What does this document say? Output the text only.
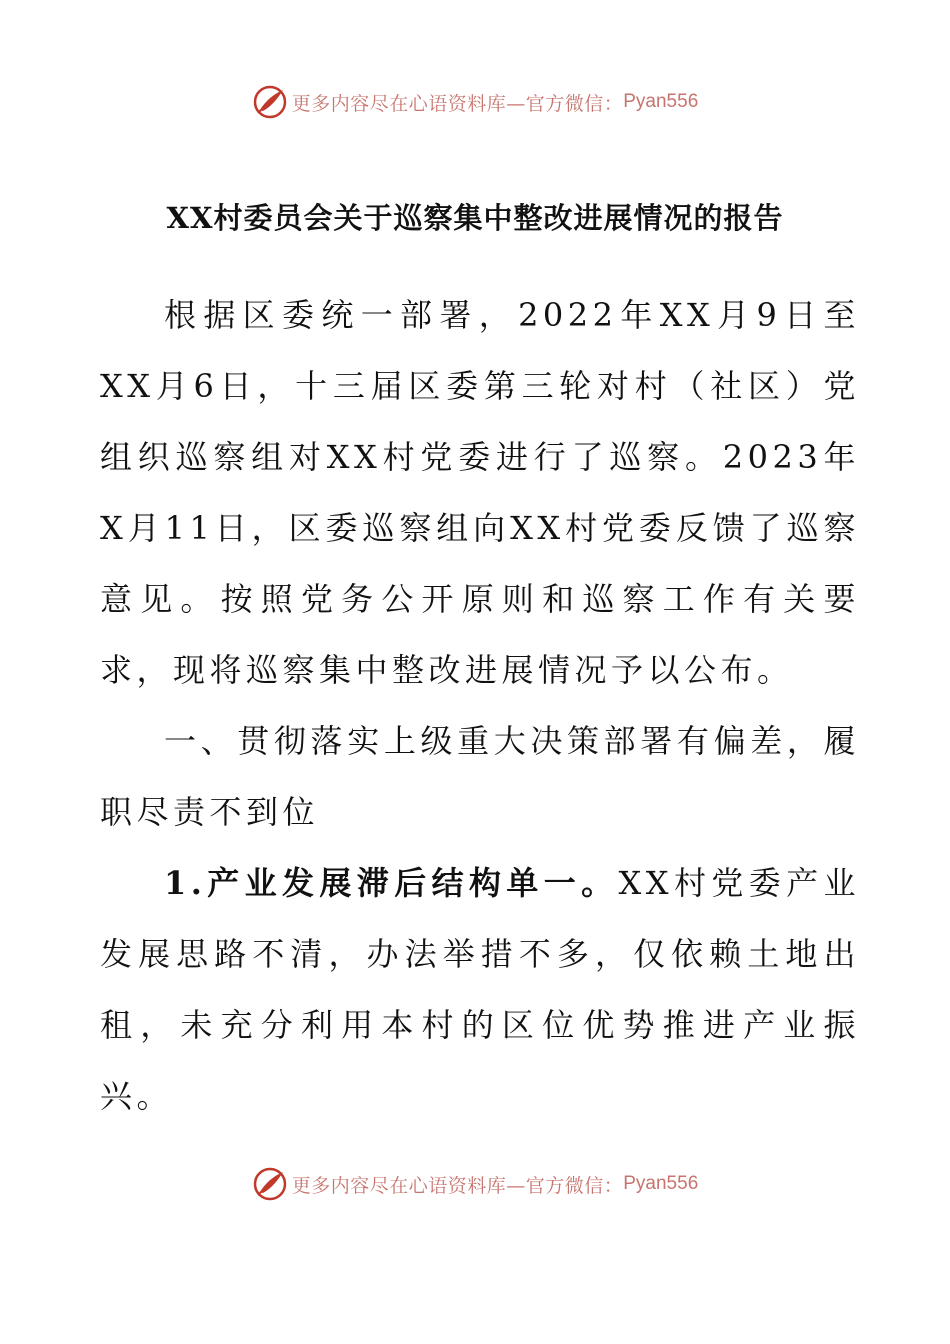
更多内容尽在心语资料库—官方微信： Pyan556
XX村委员会关于巡察集中整改进展情况的报告

根据区委统一部署，2022年XX月9日至XX月6日，十三届区委第三轮对村（社区）党组织巡察组对XX村党委进行了巡察。2023年X月11日，区委巡察组向XX村党委反馈了巡察意见。按照党务公开原则和巡察工作有关要求，现将巡察集中整改进展情况予以公布。

一、贯彻落实上级重大决策部署有偏差，履职尽责不到位

1.产业发展滞后结构单一。XX村党委产业发展思路不清，办法举措不多，仅依赖土地出租，未充分利用本村的区位优势推进产业振兴。

更多内容尽在心语资料库—官方微信： Pyan556
